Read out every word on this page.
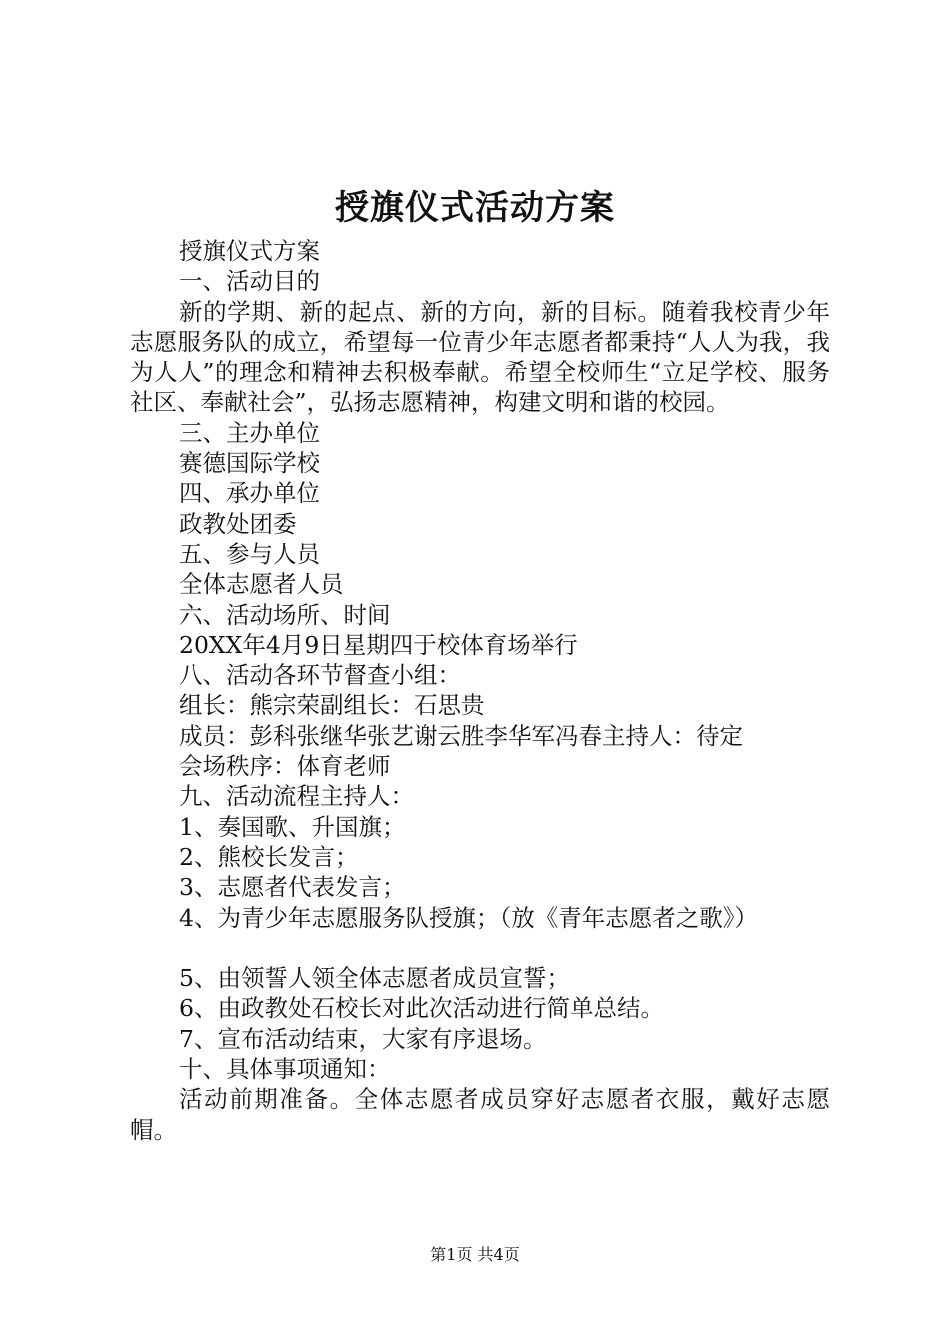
授旗仪式活动方案
授旗仪式方案
一、活动目的
新的学期、新的起点、新的方向，新的目标。随着我校青少年志愿服务队的成立，希望每一位青少年志愿者都秉持“人人为我，我为人人”的理念和精神去积极奉献。希望全校师生“立足学校、服务社区、奉献社会”，弘扬志愿精神，构建文明和谐的校园。
三、主办单位
赛德国际学校
四、承办单位
政教处团委
五、参与人员
全体志愿者人员
六、活动场所、时间
20XX年4月9日星期四于校体育场举行
八、活动各环节督查小组：
组长：熊宗荣副组长：石思贵
成员：彭科张继华张艺谢云胜李华军冯春主持人：待定
会场秩序：体育老师
九、活动流程主持人：
1、奏国歌、升国旗；
2、熊校长发言；
3、志愿者代表发言；
4、为青少年志愿服务队授旗；（放《青年志愿者之歌》）
5、由领誓人领全体志愿者成员宣誓；
6、由政教处石校长对此次活动进行简单总结。
7、宣布活动结束，大家有序退场。
十、具体事项通知：
活动前期准备。全体志愿者成员穿好志愿者衣服，戴好志愿帽。
第1页 共4页
